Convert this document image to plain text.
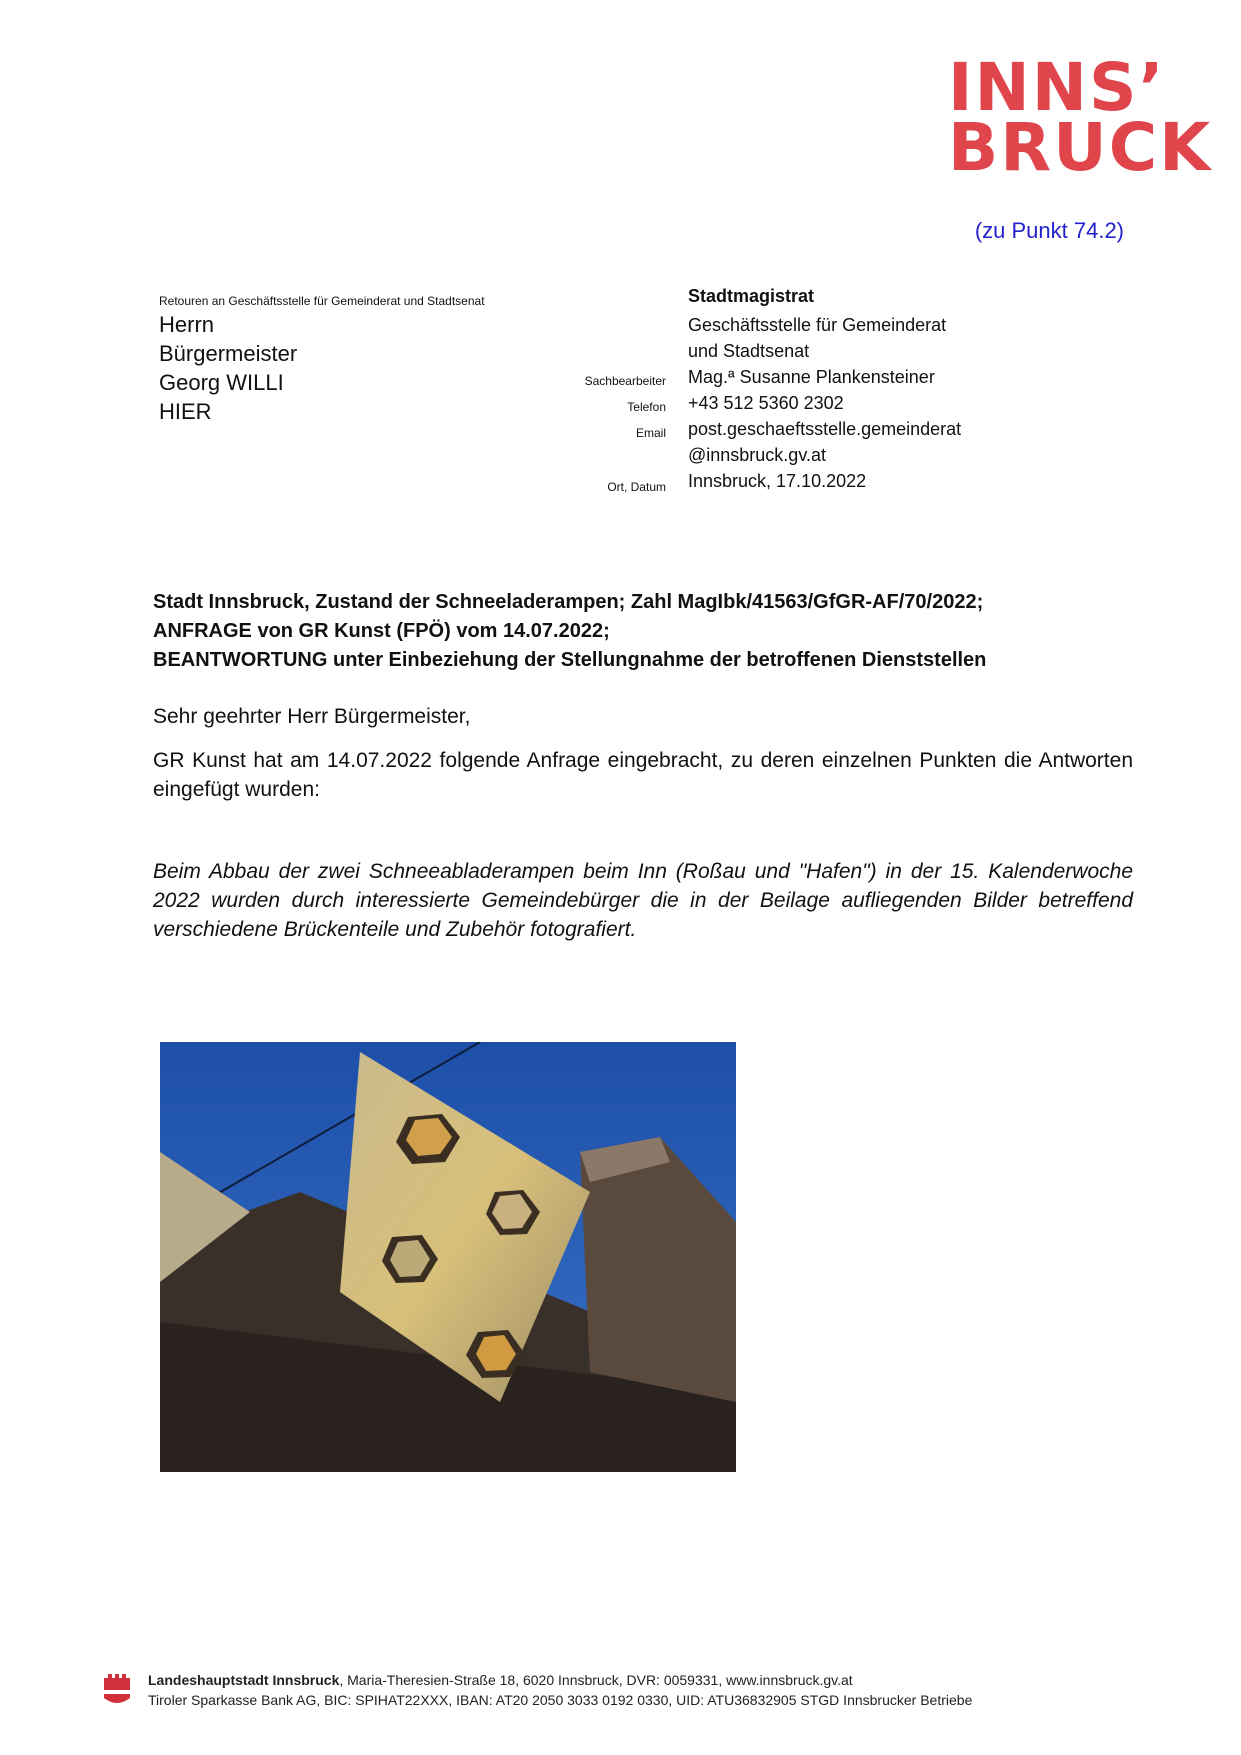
INNS’
BRUCK
(zu Punkt 74.2)
Retouren an Geschäftsstelle für Gemeinderat und Stadtsenat
Herrn
Bürgermeister
Georg WILLI
HIER
Stadtmagistrat
Geschäftsstelle für Gemeinderat
und Stadtsenat
Mag.ª Susanne Plankensteiner
+43 512 5360 2302
post.geschaeftsstelle.gemeinderat
@innsbruck.gv.at
Innsbruck, 17.10.2022
Sachbearbeiter
Telefon
Email
Ort, Datum
Stadt Innsbruck, Zustand der Schneeladerampen; Zahl MagIbk/41563/GfGR-AF/70/2022;
ANFRAGE von GR Kunst (FPÖ) vom 14.07.2022;
BEANTWORTUNG unter Einbeziehung der Stellungnahme der betroffenen Dienststellen
Sehr geehrter Herr Bürgermeister,
GR Kunst hat am 14.07.2022 folgende Anfrage eingebracht, zu deren einzelnen Punkten die Antworten eingefügt wurden:
Beim Abbau der zwei Schneeabladerampen beim Inn (Roßau und "Hafen") in der 15. Kalenderwoche 2022 wurden durch interessierte Gemeindebürger die in der Beilage aufliegenden Bilder betreffend verschiedene Brückenteile und Zubehör fotografiert.
Landeshauptstadt Innsbruck, Maria-Theresien-Straße 18, 6020 Innsbruck, DVR: 0059331, www.innsbruck.gv.at
Tiroler Sparkasse Bank AG, BIC: SPIHAT22XXX, IBAN: AT20 2050 3033 0192 0330, UID: ATU36832905 STGD Innsbrucker Betriebe
